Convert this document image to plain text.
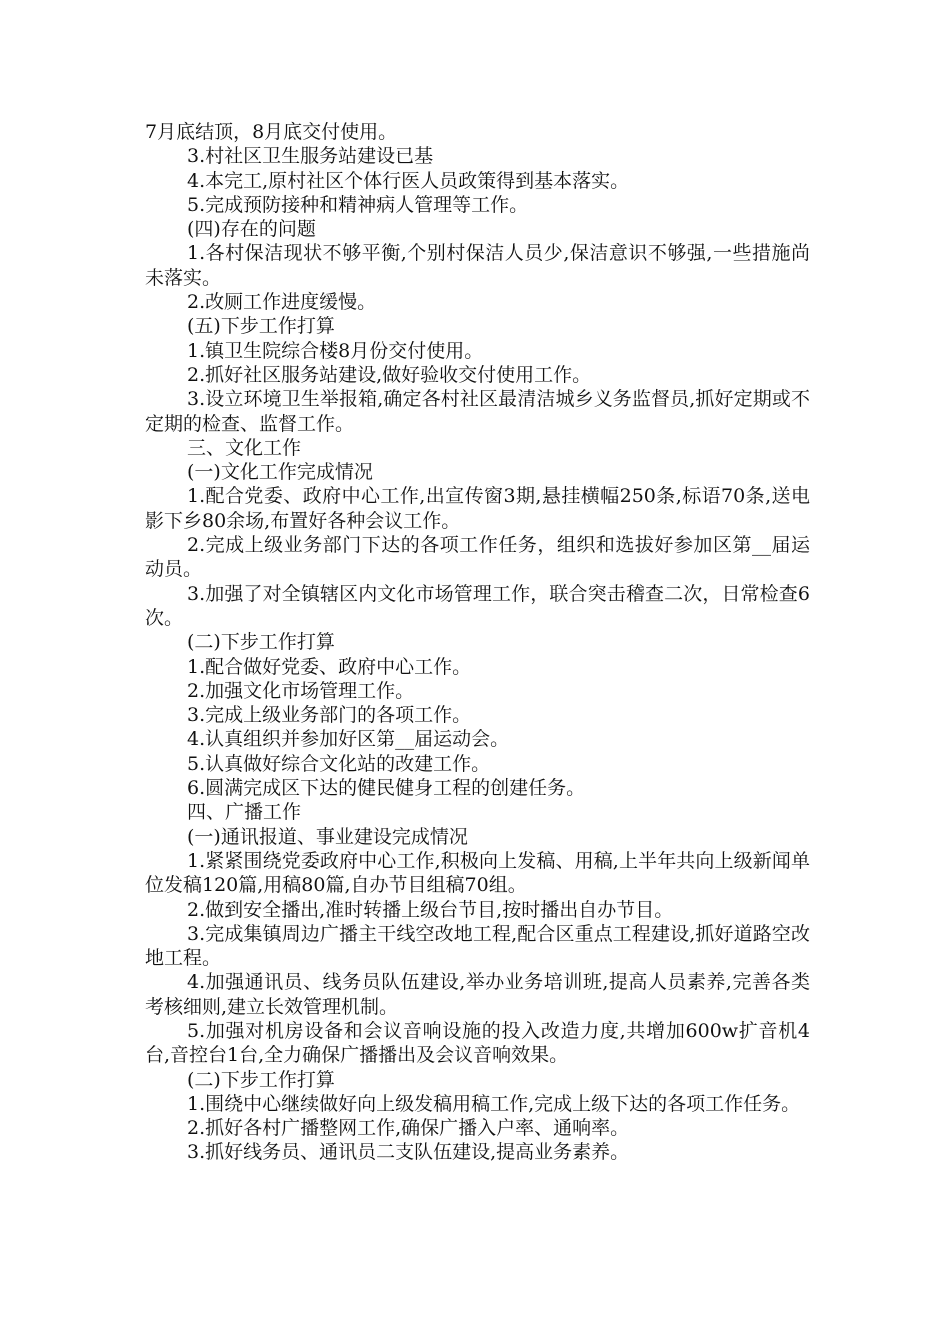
7月底结顶，8月底交付使用。

3.村社区卫生服务站建设已基

4.本完工,原村社区个体行医人员政策得到基本落实。

5.完成预防接种和精神病人管理等工作。

(四)存在的问题

1.各村保洁现状不够平衡,个别村保洁人员少,保洁意识不够强,一些措施尚未落实。

2.改厕工作进度缓慢。

(五)下步工作打算

1.镇卫生院综合楼8月份交付使用。

2.抓好社区服务站建设,做好验收交付使用工作。

3.设立环境卫生举报箱,确定各村社区最清洁城乡义务监督员,抓好定期或不定期的检查、监督工作。

三、文化工作

(一)文化工作完成情况

1.配合党委、政府中心工作,出宣传窗3期,悬挂横幅250条,标语70条,送电影下乡80余场,布置好各种会议工作。

2.完成上级业务部门下达的各项工作任务，组织和选拔好参加区第__届运动员。

3.加强了对全镇辖区内文化市场管理工作，联合突击稽查二次，日常检查6次。

(二)下步工作打算

1.配合做好党委、政府中心工作。

2.加强文化市场管理工作。

3.完成上级业务部门的各项工作。

4.认真组织并参加好区第__届运动会。

5.认真做好综合文化站的改建工作。

6.圆满完成区下达的健民健身工程的创建任务。

四、广播工作

(一)通讯报道、事业建设完成情况

1.紧紧围绕党委政府中心工作,积极向上发稿、用稿,上半年共向上级新闻单位发稿120篇,用稿80篇,自办节目组稿70组。

2.做到安全播出,准时转播上级台节目,按时播出自办节目。

3.完成集镇周边广播主干线空改地工程,配合区重点工程建设,抓好道路空改地工程。

4.加强通讯员、线务员队伍建设,举办业务培训班,提高人员素养,完善各类考核细则,建立长效管理机制。

5.加强对机房设备和会议音响设施的投入改造力度,共增加600w扩音机4台,音控台1台,全力确保广播播出及会议音响效果。

(二)下步工作打算

1.围绕中心继续做好向上级发稿用稿工作,完成上级下达的各项工作任务。

2.抓好各村广播整网工作,确保广播入户率、通响率。

3.抓好线务员、通讯员二支队伍建设,提高业务素养。
